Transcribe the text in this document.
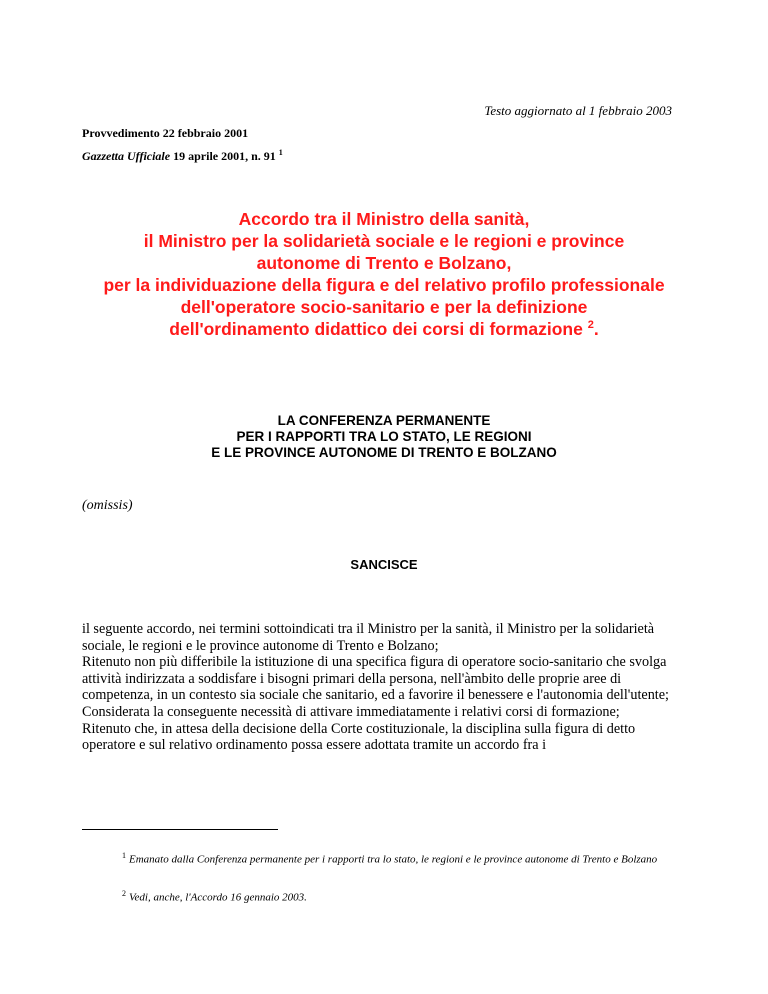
Testo aggiornato al 1 febbraio 2003
Provvedimento 22 febbraio 2001
Gazzetta Ufficiale 19 aprile 2001, n. 91 $^1$
Accordo tra il Ministro della sanità,
il Ministro per la solidarietà sociale e le regioni e province
autonome di Trento e Bolzano,
per la individuazione della figura e del relativo profilo professionale
dell'operatore socio-sanitario e per la definizione
dell'ordinamento didattico dei corsi di formazione $^2$.
LA CONFERENZA PERMANENTE
PER I RAPPORTI TRA LO STATO, LE REGIONI
E LE PROVINCE AUTONOME DI TRENTO E BOLZANO
(omissis)
SANCISCE

il seguente accordo, nei termini sottoindicati tra il Ministro per la sanità, il Ministro per la solidarietà sociale, le regioni e le province autonome di Trento e Bolzano;

Ritenuto non più differibile la istituzione di una specifica figura di operatore socio-sanitario che svolga attività indirizzata a soddisfare i bisogni primari della persona, nell'àmbito delle proprie aree di competenza, in un contesto sia sociale che sanitario, ed a favorire il benessere e l'autonomia dell'utente;

Considerata la conseguente necessità di attivare immediatamente i relativi corsi di formazione;

Ritenuto che, in attesa della decisione della Corte costituzionale, la disciplina sulla figura di detto operatore e sul relativo ordinamento possa essere adottata tramite un accordo fra i

$^1$ Emanato dalla Conferenza permanente per i rapporti tra lo stato, le regioni e le province autonome di Trento e Bolzano
$^2$ Vedi, anche, l'Accordo 16 gennaio 2003.
